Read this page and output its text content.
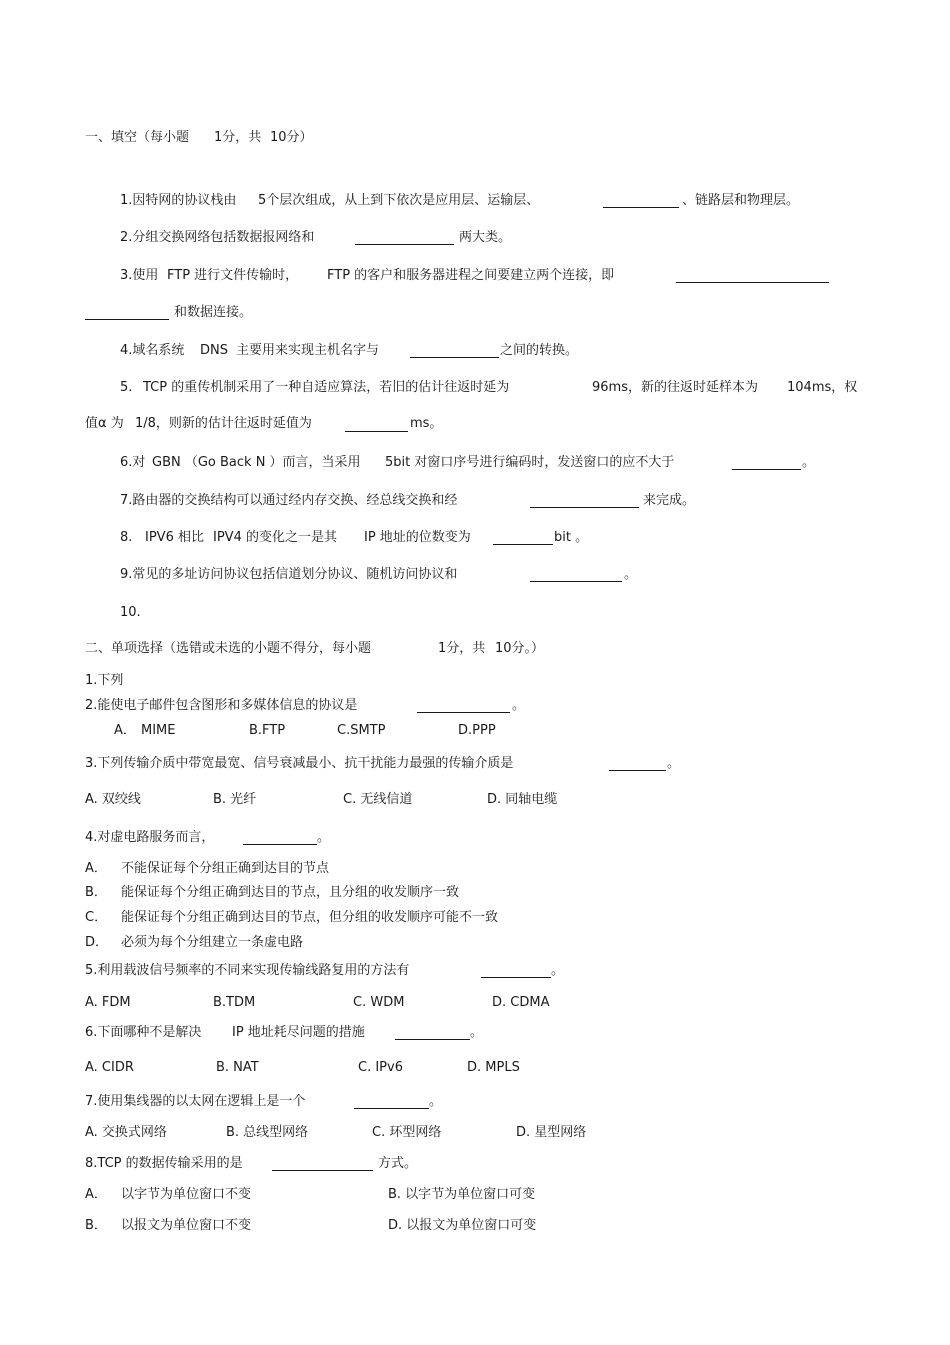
一、填空（每小题 1分，共 10分）
1.因特网的协议栈由 5个层次组成，从上到下依次是应用层、运输层、	、链路层和物理层。
2.分组交换网络包括数据报网络和	两大类。
3.使用 FTP 进行文件传输时， FTP 的客户和服务器进程之间要建立两个连接，即
和数据连接。
4.域名系统 DNS 主要用来实现主机名字与	之间的转换。
5. TCP 的重传机制采用了一种自适应算法，若旧的估计往返时延为	96ms，新的往返时延样本为 104ms，权
值α 为 1/8，则新的估计往返时延值为	ms。
6.对 GBN （Go Back N ）而言，当采用 5bit 对窗口序号进行编码时，发送窗口的应不大于	。
7.路由器的交换结构可以通过经内存交换、经总线交换和经	来完成。
8. IPV6 相比 IPV4 的变化之一是其 IP 地址的位数变为	bit 。
9.常见的多址访问协议包括信道划分协议、随机访问协议和	。
10.
二、单项选择（选错或未选的小题不得分，每小题	1分，共 10分。）
1.下列
2.能使电子邮件包含图形和多媒体信息的协议是	。
A． MIME	B.FTP	C.SMTP	D.PPP
3.下列传输介质中带宽最宽、信号衰减最小、抗干扰能力最强的传输介质是	。
A. 双绞线	B. 光纤	C. 无线信道	D. 同轴电缆
4.对虚电路服务而言，	。
A． 不能保证每个分组正确到达目的节点
B． 能保证每个分组正确到达目的节点，且分组的收发顺序一致
C． 能保证每个分组正确到达目的节点，但分组的收发顺序可能不一致
D． 必须为每个分组建立一条虚电路
5.利用载波信号频率的不同来实现传输线路复用的方法有	。
A. FDM	B.TDM	C. WDM	D. CDMA
6.下面哪种不是解决 IP 地址耗尽问题的措施	。
A. CIDR	B. NAT	C. IPv6	D. MPLS
7.使用集线器的以太网在逻辑上是一个	。
A. 交换式网络	B. 总线型网络	C. 环型网络	D. 星型网络
8.TCP 的数据传输采用的是	方式。
A． 以字节为单位窗口不变	B. 以字节为单位窗口可变
B． 以报文为单位窗口不变	D. 以报文为单位窗口可变
